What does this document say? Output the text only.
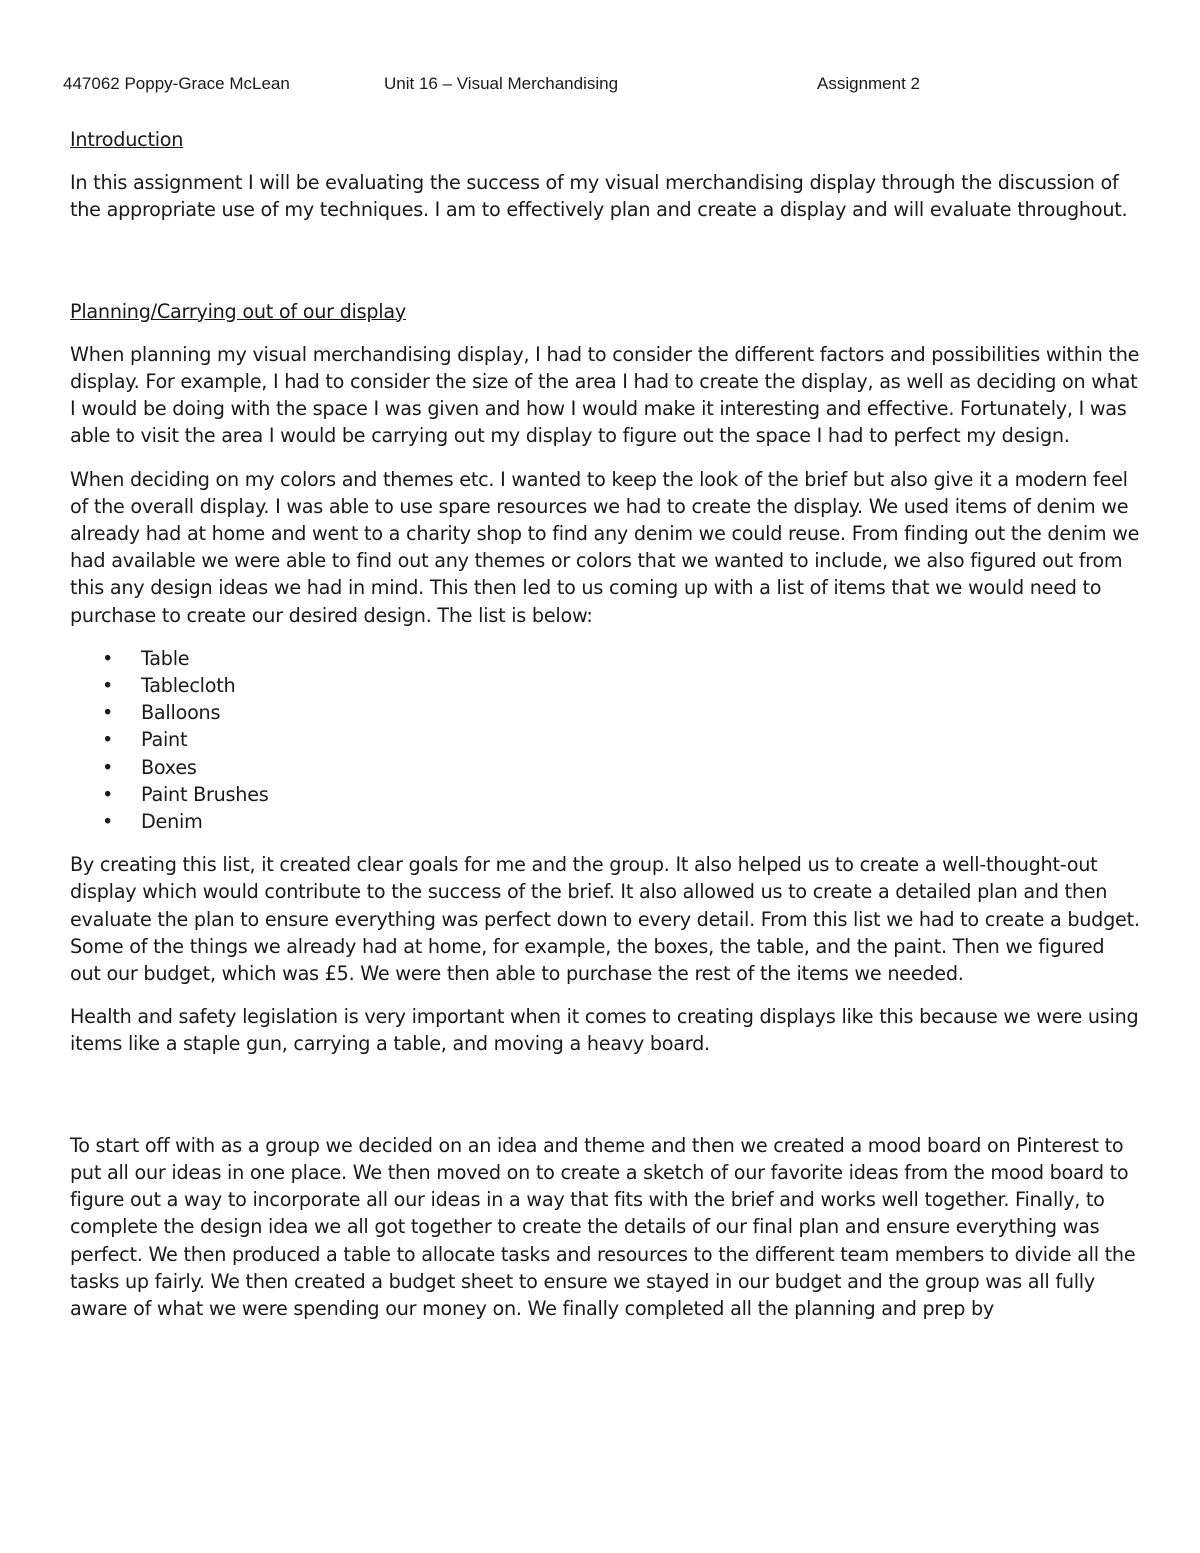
447062 Poppy-Grace McLean	Unit 16 – Visual Merchandising	Assignment 2

Introduction

In this assignment I will be evaluating the success of my visual merchandising display through the discussion of the appropriate use of my techniques. I am to effectively plan and create a display and will evaluate throughout.

Planning/Carrying out of our display

When planning my visual merchandising display, I had to consider the different factors and possibilities within the display. For example, I had to consider the size of the area I had to create the display, as well as deciding on what I would be doing with the space I was given and how I would make it interesting and effective. Fortunately, I was able to visit the area I would be carrying out my display to figure out the space I had to perfect my design.

When deciding on my colors and themes etc. I wanted to keep the look of the brief but also give it a modern feel of the overall display. I was able to use spare resources we had to create the display. We used items of denim we already had at home and went to a charity shop to find any denim we could reuse. From finding out the denim we had available we were able to find out any themes or colors that we wanted to include, we also figured out from this any design ideas we had in mind. This then led to us coming up with a list of items that we would need to purchase to create our desired design. The list is below:

• Table
• Tablecloth
• Balloons
• Paint
• Boxes
• Paint Brushes
• Denim

By creating this list, it created clear goals for me and the group. It also helped us to create a well-thought-out display which would contribute to the success of the brief. It also allowed us to create a detailed plan and then evaluate the plan to ensure everything was perfect down to every detail. From this list we had to create a budget. Some of the things we already had at home, for example, the boxes, the table, and the paint. Then we figured out our budget, which was £5. We were then able to purchase the rest of the items we needed.

Health and safety legislation is very important when it comes to creating displays like this because we were using items like a staple gun, carrying a table, and moving a heavy board.

To start off with as a group we decided on an idea and theme and then we created a mood board on Pinterest to put all our ideas in one place. We then moved on to create a sketch of our favorite ideas from the mood board to figure out a way to incorporate all our ideas in a way that fits with the brief and works well together. Finally, to complete the design idea we all got together to create the details of our final plan and ensure everything was perfect. We then produced a table to allocate tasks and resources to the different team members to divide all the tasks up fairly. We then created a budget sheet to ensure we stayed in our budget and the group was all fully aware of what we were spending our money on. We finally completed all the planning and prep by
